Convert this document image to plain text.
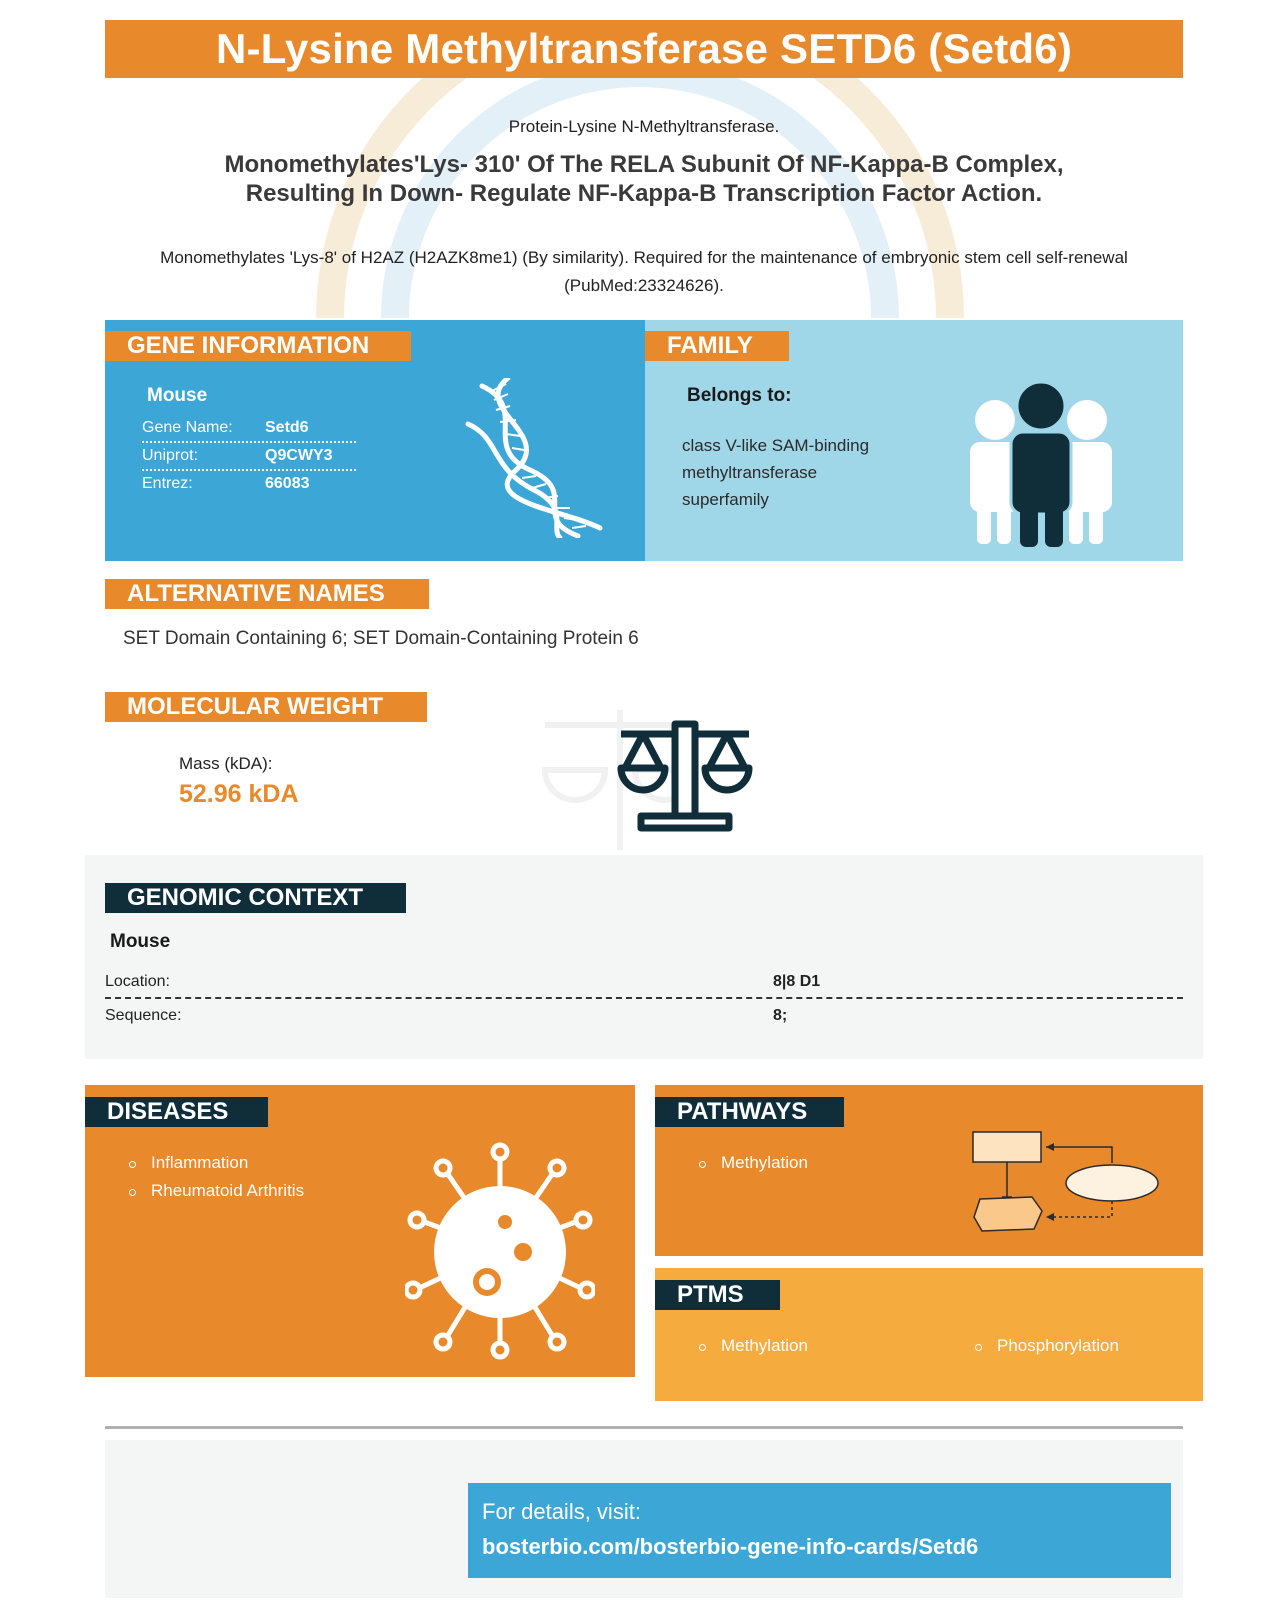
N-Lysine Methyltransferase SETD6 (Setd6)
Protein-Lysine N-Methyltransferase.
Monomethylates'Lys- 310' Of The RELA Subunit Of NF-Kappa-B Complex,
Resulting In Down- Regulate NF-Kappa-B Transcription Factor Action.
Monomethylates 'Lys-8' of H2AZ (H2AZK8me1) (By similarity). Required for the maintenance of embryonic stem cell self-renewal (PubMed:23324626).
GENE INFORMATION
Mouse
Gene Name: Setd6
Uniprot:	Q9CWY3
Entrez:	66083
FAMILY
Belongs to:
class V-like SAM-binding
methyltransferase
superfamily
ALTERNATIVE NAMES
SET Domain Containing 6; SET Domain-Containing Protein 6
MOLECULAR WEIGHT
Mass (kDA):
52.96 kDA
GENOMIC CONTEXT
Mouse
Location:	8|8 D1
Sequence:	8;
DISEASES
Inflammation
Rheumatoid Arthritis
PATHWAYS
Methylation
PTMS
Methylation	Phosphorylation
For details, visit:
bosterbio.com/bosterbio-gene-info-cards/Setd6
